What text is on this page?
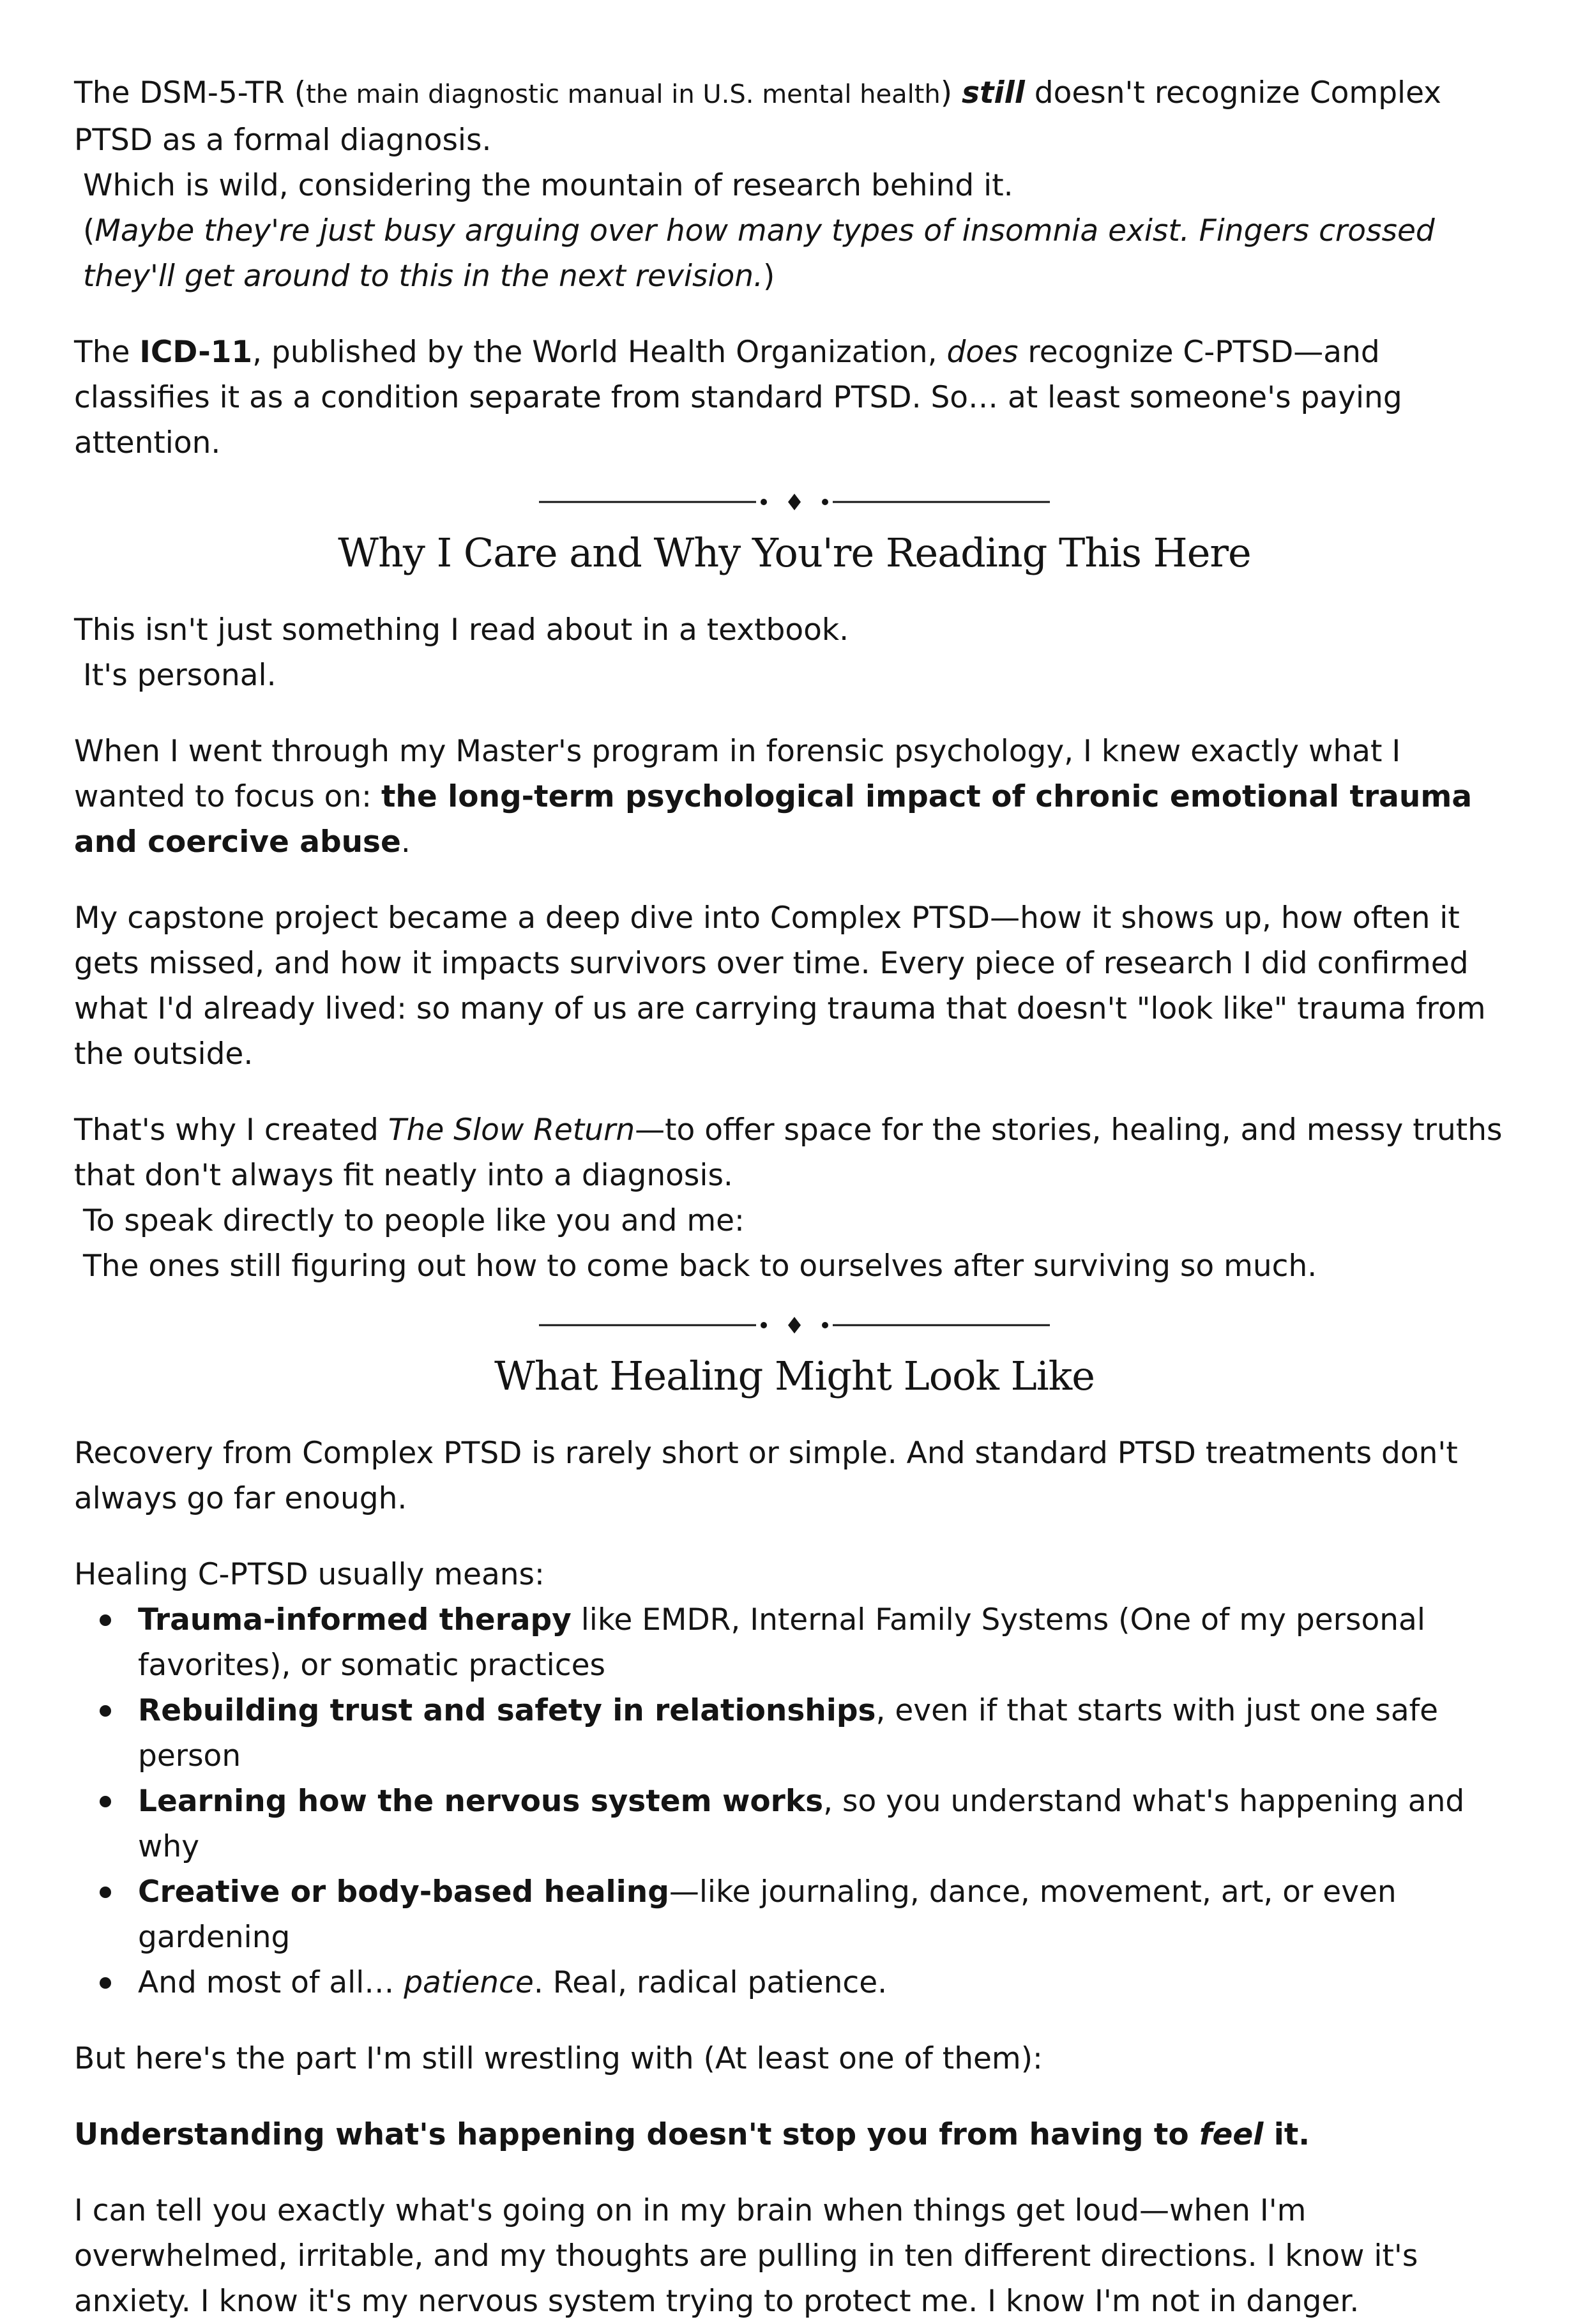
The DSM-5-TR (the main diagnostic manual in U.S. mental health) still doesn't recognize Complex PTSD as a formal diagnosis.

Which is wild, considering the mountain of research behind it.

(Maybe they're just busy arguing over how many types of insomnia exist. Fingers crossed they'll get around to this in the next revision.)

The ICD-11, published by the World Health Organization, does recognize C-PTSD—and classifies it as a condition separate from standard PTSD. So… at least someone's paying attention.

Why I Care and Why You're Reading This Here

This isn't just something I read about in a textbook.

It's personal.

When I went through my Master's program in forensic psychology, I knew exactly what I wanted to focus on: the long-term psychological impact of chronic emotional trauma and coercive abuse.

My capstone project became a deep dive into Complex PTSD—how it shows up, how often it gets missed, and how it impacts survivors over time. Every piece of research I did confirmed what I'd already lived: so many of us are carrying trauma that doesn't "look like" trauma from the outside.

That's why I created The Slow Return—to offer space for the stories, healing, and messy truths that don't always fit neatly into a diagnosis.

To speak directly to people like you and me:

The ones still figuring out how to come back to ourselves after surviving so much.

What Healing Might Look Like

Recovery from Complex PTSD is rarely short or simple. And standard PTSD treatments don't always go far enough.

Healing C-PTSD usually means:

Trauma-informed therapy like EMDR, Internal Family Systems (One of my personal favorites), or somatic practices
Rebuilding trust and safety in relationships, even if that starts with just one safe person
Learning how the nervous system works, so you understand what's happening and why
Creative or body-based healing—like journaling, dance, movement, art, or even gardening
And most of all… patience. Real, radical patience.

But here's the part I'm still wrestling with (At least one of them):

Understanding what's happening doesn't stop you from having to feel it.

I can tell you exactly what's going on in my brain when things get loud—when I'm overwhelmed, irritable, and my thoughts are pulling in ten different directions. I know it's anxiety. I know it's my nervous system trying to protect me. I know I'm not in danger.
